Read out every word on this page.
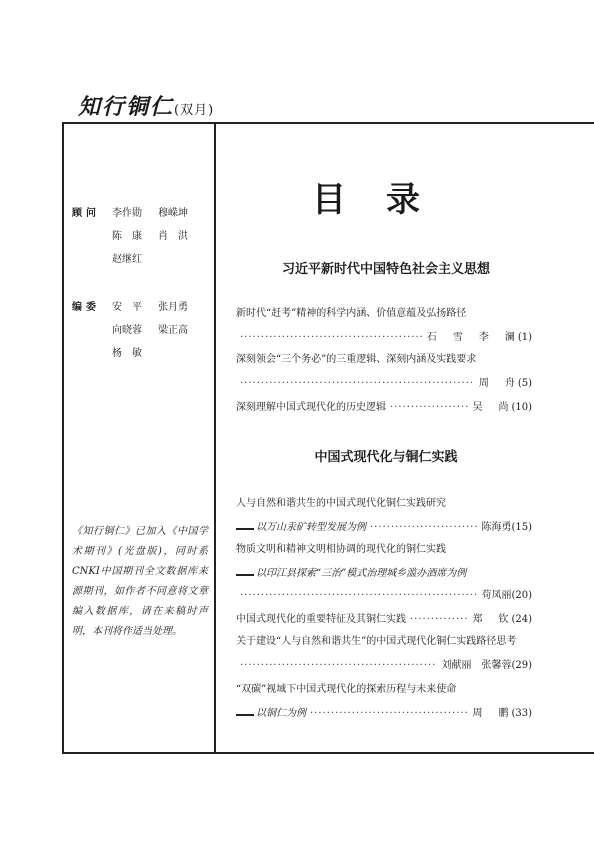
知行铜仁(双月)
顾问	李作勋	穆嵘坤
陈　康	肖　洪
赵继红
编委	安　平	张月勇
向晓蓉	梁正高
杨　敏
《知行铜仁》已加入《中国学术期刊》(光盘版)，同时系CNKI中国期刊全文数据库来源期刊，如作者不同意将文章编入数据库，请在来稿时声明，本刊将作适当处理。
目录
习近平新时代中国特色社会主义思想
新时代“赶考”精神的科学内涵、价值意蕴及弘扬路径
·····
石　雪　李　澜 (1)
深刻领会“三个务必”的三重逻辑、深刻内涵及实践要求
·····
周　舟 (5)
深刻理解中国式现代化的历史逻辑 ·····	吴　尚 (10)
中国式现代化与铜仁实践
人与自然和谐共生的中国式现代化铜仁实践研究
以万山汞矿转型发展为例 ·····	陈海勇 (15)
物质文明和精神文明相协调的现代化的铜仁实践
以印江县探索“三治”模式治理城乡滥办酒席为例
·····
苟凤丽 (20)
中国式现代化的重要特征及其铜仁实践 ·····	郑　钦 (24)
关于建设“人与自然和谐共生”的中国式现代化铜仁实践路径思考
·····
刘献丽　张馨蓉 (29)
“双碳”视域下中国式现代化的探索历程与未来使命
以铜仁为例 ·····	周　鹏 (33)
